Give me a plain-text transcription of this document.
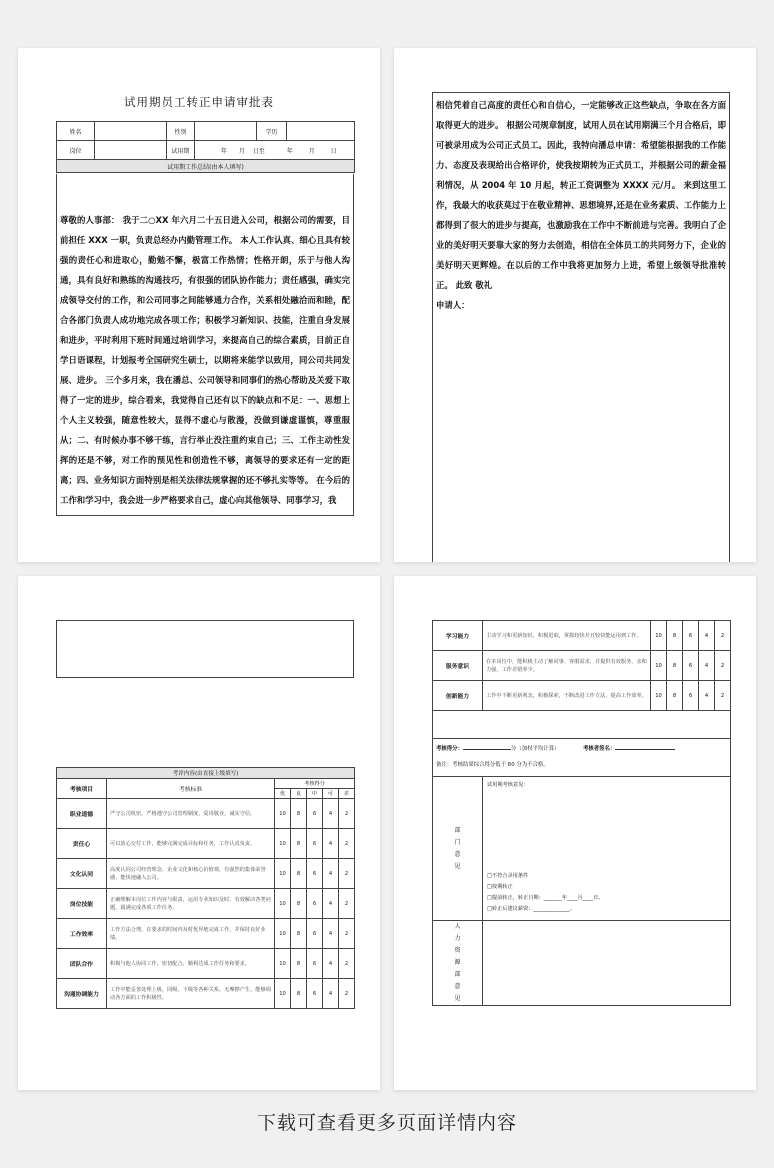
试用期员工转正申请审批表
姓名		性别		学历	
岗位		试用期	年 月 日至 年 月 日		
试用期工作总结(由本人填写)					
尊敬的人事部： 我于二○XX 年六月二十五日进入公司，根据公司的需要，目前担任 XXX 一职，负责总经办内勤管理工作。 本人工作认真、细心且具有较强的责任心和进取心，勤勉不懈，极富工作热情；性格开朗，乐于与他人沟通，具有良好和熟练的沟通技巧，有很强的团队协作能力；责任感强，确实完成领导交付的工作，和公司同事之间能够通力合作，关系相处融洽而和睦，配合各部门负责人成功地完成各项工作；积极学习新知识、技能，注重自身发展和进步，平时利用下班时间通过培训学习，来提高自己的综合素质，目前正自学日语课程，计划报考全国研究生硕士，以期将来能学以致用，同公司共同发展、进步。 三个多月来，我在潘总、公司领导和同事们的热心帮助及关爱下取得了一定的进步，综合看来，我觉得自己还有以下的缺点和不足：一、思想上个人主义较强，随意性较大，显得不虚心与散漫，没做到谦虚谨慎，尊重服从；二、有时候办事不够干练，言行举止没注重约束自己；三、工作主动性发挥的还是不够，对工作的预见性和创造性不够，离领导的要求还有一定的距离；四、业务知识方面特别是相关法律法规掌握的还不够扎实等等。 在今后的工作和学习中，我会进一步严格要求自己，虚心向其他领导、同事学习，我
相信凭着自己高度的责任心和自信心，一定能够改正这些缺点，争取在各方面取得更大的进步。 根据公司规章制度，试用人员在试用期满三个月合格后，即可被录用成为公司正式员工。因此，我特向潘总申请：希望能根据我的工作能力、态度及表现给出合格评价，使我按期转为正式员工，并根据公司的薪金福利情况，从 2004 年 10 月起，转正工资调整为 XXXX 元/月。 来到这里工作，我最大的收获莫过于在敬业精神、思想境界,还是在业务素质、工作能力上都得到了很大的进步与提高，也激励我在工作中不断前进与完善。我明白了企业的美好明天要靠大家的努力去创造，相信在全体员工的共同努力下，企业的美好明天更辉煌。在以后的工作中我将更加努力上进，希望上级领导批准转正。 此致 敬礼
申请人：
考评内容(由直接上级填写)						
考核项目	考核标准	考核得分				
		优	良	中	可	差
职业道德	严守公司机密，严格遵守公司管理制度，爱岗敬业，诚实守信。	10	8	6	4	2
责任心	可以放心交付工作，能够完满完成目标和任务，工作认真负责。	10	8	6	4	2
文化认同	高度认同公司经营理念、企业文化和核心价值观，有强烈的集体荣誉感，能快速融入公司。	10	8	6	4	2
岗位技能	正确理解本岗位工作内容与职责，运用专业知识及时、有效解决各类问题，圆满完成各项工作任务。	10	8	6	4	2
工作效率	工作方法合理，在要求的时间内及时优异地完成工作，并保持良好业绩。	10	8	6	4	2
团队合作	积极与他人协同工作，密切配合，顺利达成工作任务和要求。	10	8	6	4	2
沟通协调能力	工作中能妥善处理上级、同级、下级等各种关系，无摩擦产生，能够调动各方面的工作积极性。	10	8	6	4	2
学习能力	主动学习和更新知识，积极进取，掌握较快并且较快能运用到工作。	10	8	6	4	2
服务意识	在本岗位中，能积极主动了解同事、客服需求，并提供有效服务，亲和力强，工作差错率少。	10	8	6	4	2
创新能力	工作中不断更新观念，积极探索，不断改进工作方法，提高工作效率。	10	8	6	4	2

考核得分： 分（加权平均计算） 考核者签名：
备注：考核结果综合得分低于 60 分为不合格。						

部门意见	试用期考核意见：
□不符合录用条件
□按期转正
□提前转正，转正日期：_______年____月____日。
□转正后建议薪资：______________。					

人力资源部意见						

下载可查看更多页面详情内容
